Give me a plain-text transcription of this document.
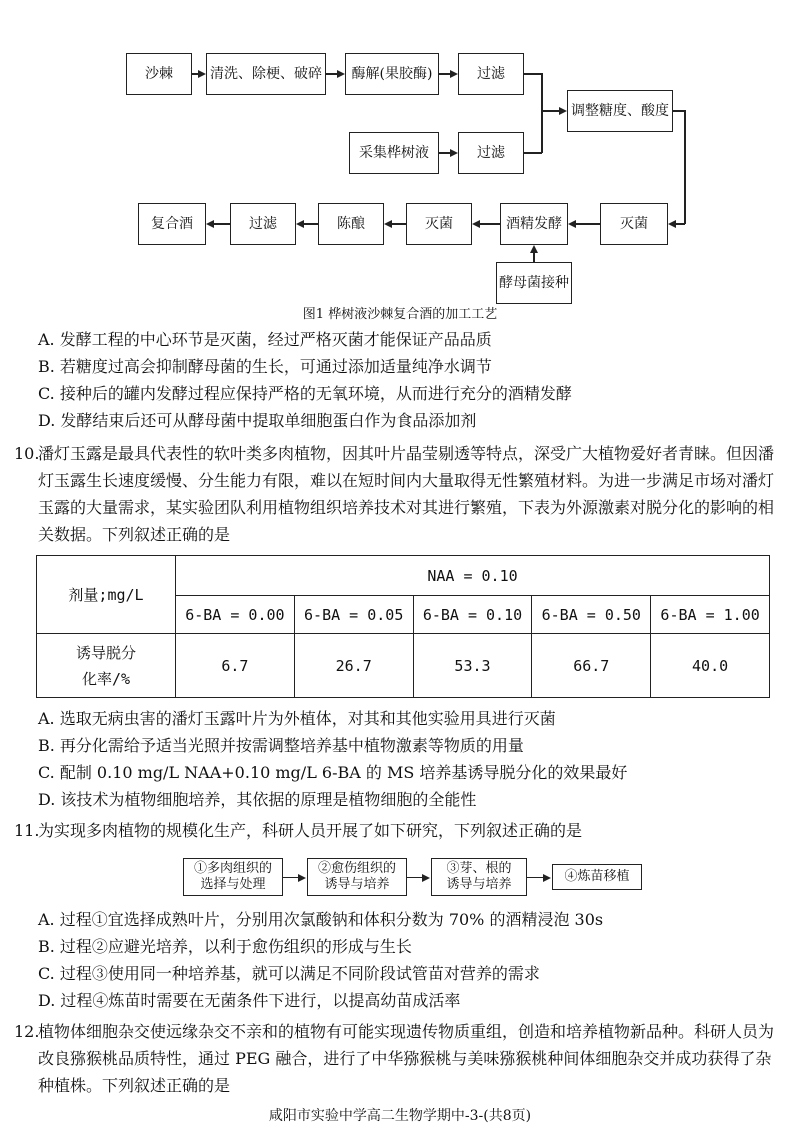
沙棘	清洗、除梗、破碎	酶解(果胶酶)	过滤
调整糖度、酸度
采集桦树液	过滤
灭菌
酒精发酵
灭菌
陈酿
过滤
复合酒
酵母菌接种
图1 桦树液沙棘复合酒的加工工艺
A. 发酵工程的中心环节是灭菌，经过严格灭菌才能保证产品品质
B. 若糖度过高会抑制酵母菌的生长，可通过添加适量纯净水调节
C. 接种后的罐内发酵过程应保持严格的无氧环境，从而进行充分的酒精发酵
D. 发酵结束后还可从酵母菌中提取单细胞蛋白作为食品添加剂
10.
潘灯玉露是最具代表性的软叶类多肉植物，因其叶片晶莹剔透等特点，深受广大植物爱好者青睐。但因潘灯玉露生长速度缓慢、分生能力有限，难以在短时间内大量取得无性繁殖材料。为进一步满足市场对潘灯玉露的大量需求，某实验团队利用植物组织培养技术对其进行繁殖，下表为外源激素对脱分化的影响的相关数据。下列叙述正确的是
剂量;mg/L	NAA = 0.10				
	6-BA = 0.00	6-BA = 0.05	6-BA = 0.10	6-BA = 0.50	6-BA = 1.00

诱导脱分
化率/%	6.7	26.7	53.3	66.7	40.0
A. 选取无病虫害的潘灯玉露叶片为外植体，对其和其他实验用具进行灭菌
B. 再分化需给予适当光照并按需调整培养基中植物激素等物质的用量
C. 配制 0.10 mg/L NAA+0.10 mg/L 6-BA 的 MS 培养基诱导脱分化的效果最好
D. 该技术为植物细胞培养，其依据的原理是植物细胞的全能性
11.
为实现多肉植物的规模化生产，科研人员开展了如下研究，下列叙述正确的是
①多肉组织的
选择与处理
②愈伤组织的
诱导与培养
③芽、根的
诱导与培养
④炼苗移植
A. 过程①宜选择成熟叶片，分别用次氯酸钠和体积分数为 70% 的酒精浸泡 30s
B. 过程②应避光培养，以利于愈伤组织的形成与生长
C. 过程③使用同一种培养基，就可以满足不同阶段试管苗对营养的需求
D. 过程④炼苗时需要在无菌条件下进行，以提高幼苗成活率
12.
植物体细胞杂交使远缘杂交不亲和的植物有可能实现遗传物质重组，创造和培养植物新品种。科研人员为改良猕猴桃品质特性，通过 PEG 融合，进行了中华猕猴桃与美味猕猴桃种间体细胞杂交并成功获得了杂种植株。下列叙述正确的是
咸阳市实验中学高二生物学期中-3-(共8页)
